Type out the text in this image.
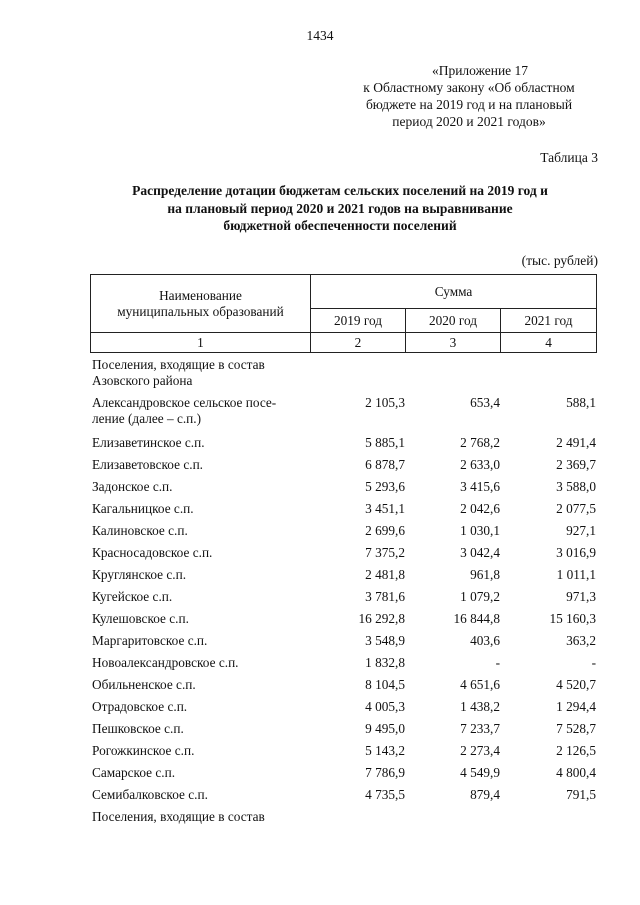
1434
«Приложение 17
к Областному закону «Об областном
бюджете на 2019 год и на плановый
период 2020 и 2021 годов»
Таблица 3
Распределение дотации бюджетам сельских поселений на 2019 год и
на плановый период 2020 и 2021 годов на выравнивание
бюджетной обеспеченности поселений
(тыс. рублей)
Наименование
муниципальных образований	Сумма		
	2019 год	2020 год	2021 год
1	2	3	4
Поселения, входящие в состав
Азовского района
Александровское сельское посе-
ление (далее – с.п.)
2 105,3	653,4	588,1
Елизаветинское с.п.	5 885,1	2 768,2	2 491,4
Елизаветовское с.п.	6 878,7	2 633,0	2 369,7
Задонское с.п.	5 293,6	3 415,6	3 588,0
Кагальницкое с.п.	3 451,1	2 042,6	2 077,5
Калиновское с.п.	2 699,6	1 030,1	927,1
Красносадовское с.п.	7 375,2	3 042,4	3 016,9
Круглянское с.п.	2 481,8	961,8	1 011,1
Кугейское с.п.	3 781,6	1 079,2	971,3
Кулешовское с.п.	16 292,8	16 844,8	15 160,3
Маргаритовское с.п.	3 548,9	403,6	363,2
Новоалександровское с.п.	1 832,8	-	-
Обильненское с.п.	8 104,5	4 651,6	4 520,7
Отрадовское с.п.	4 005,3	1 438,2	1 294,4
Пешковское с.п.	9 495,0	7 233,7	7 528,7
Рогожкинское с.п.	5 143,2	2 273,4	2 126,5
Самарское с.п.	7 786,9	4 549,9	4 800,4
Семибалковское с.п.	4 735,5	879,4	791,5
Поселения, входящие в состав
